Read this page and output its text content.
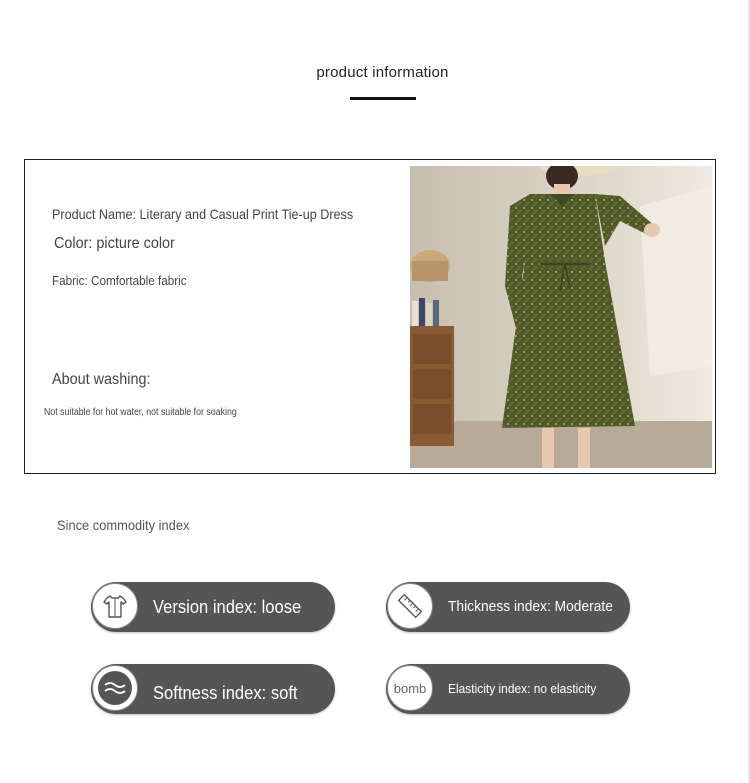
product information
Product Name: Literary and Casual Print Tie-up Dress
Color: picture color
Fabric: Comfortable fabric
About washing:
Not suitable for hot water, not suitable for soaking
Since commodity index
Version index: loose	Thickness index: Moderate
Softness index: soft	bomb Elasticity index: no elasticity
